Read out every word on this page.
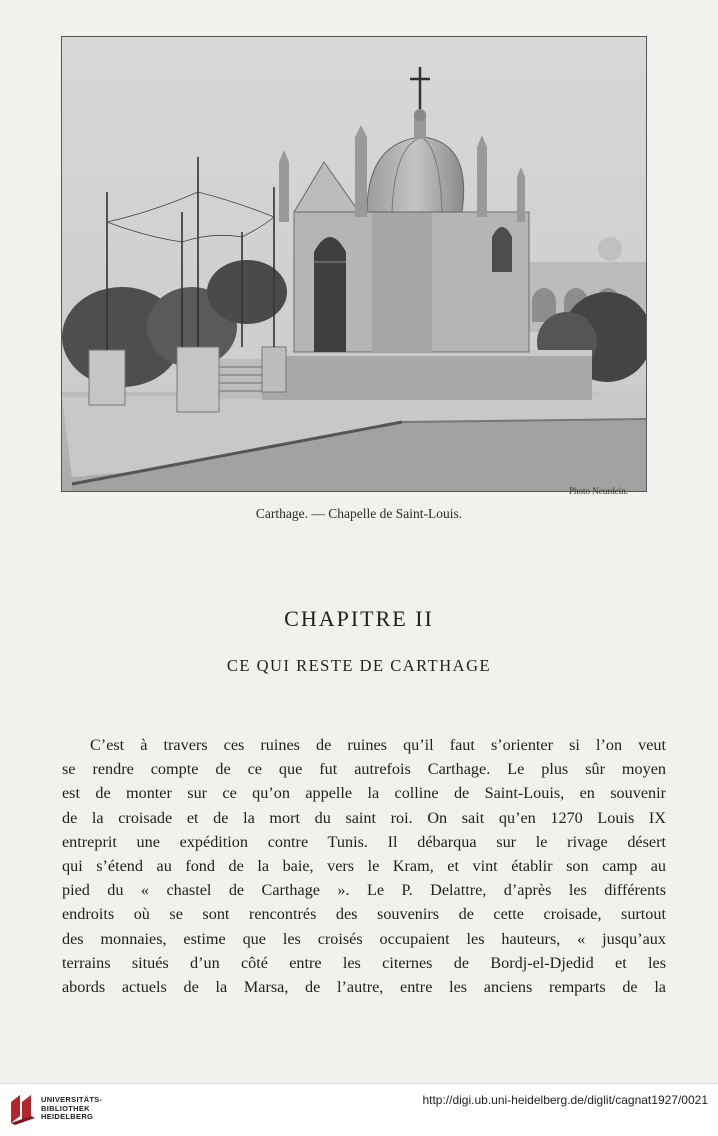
Photo Neurdein.
Carthage. — Chapelle de Saint-Louis.
CHAPITRE II
CE QUI RESTE DE CARTHAGE
C’est à travers ces ruines de ruines qu’il faut s’orienter si l’on veut
se rendre compte de ce que fut autrefois Carthage. Le plus sûr moyen
est de monter sur ce qu’on appelle la colline de Saint-Louis, en souvenir
de la croisade et de la mort du saint roi. On sait qu’en 1270 Louis IX
entreprit une expédition contre Tunis. Il débarqua sur le rivage désert
qui s’étend au fond de la baie, vers le Kram, et vint établir son camp au
pied du « chastel de Carthage ». Le P. Delattre, d’après les différents
endroits où se sont rencontrés des souvenirs de cette croisade, surtout
des monnaies, estime que les croisés occupaient les hauteurs, « jusqu’aux
terrains situés d’un côté entre les citernes de Bordj-el-Djedid et les
abords actuels de la Marsa, de l’autre, entre les anciens remparts de la
UNIVERSITÄTS-
BIBLIOTHEK
HEIDELBERG
http://digi.ub.uni-heidelberg.de/diglit/cagnat1927/0021
